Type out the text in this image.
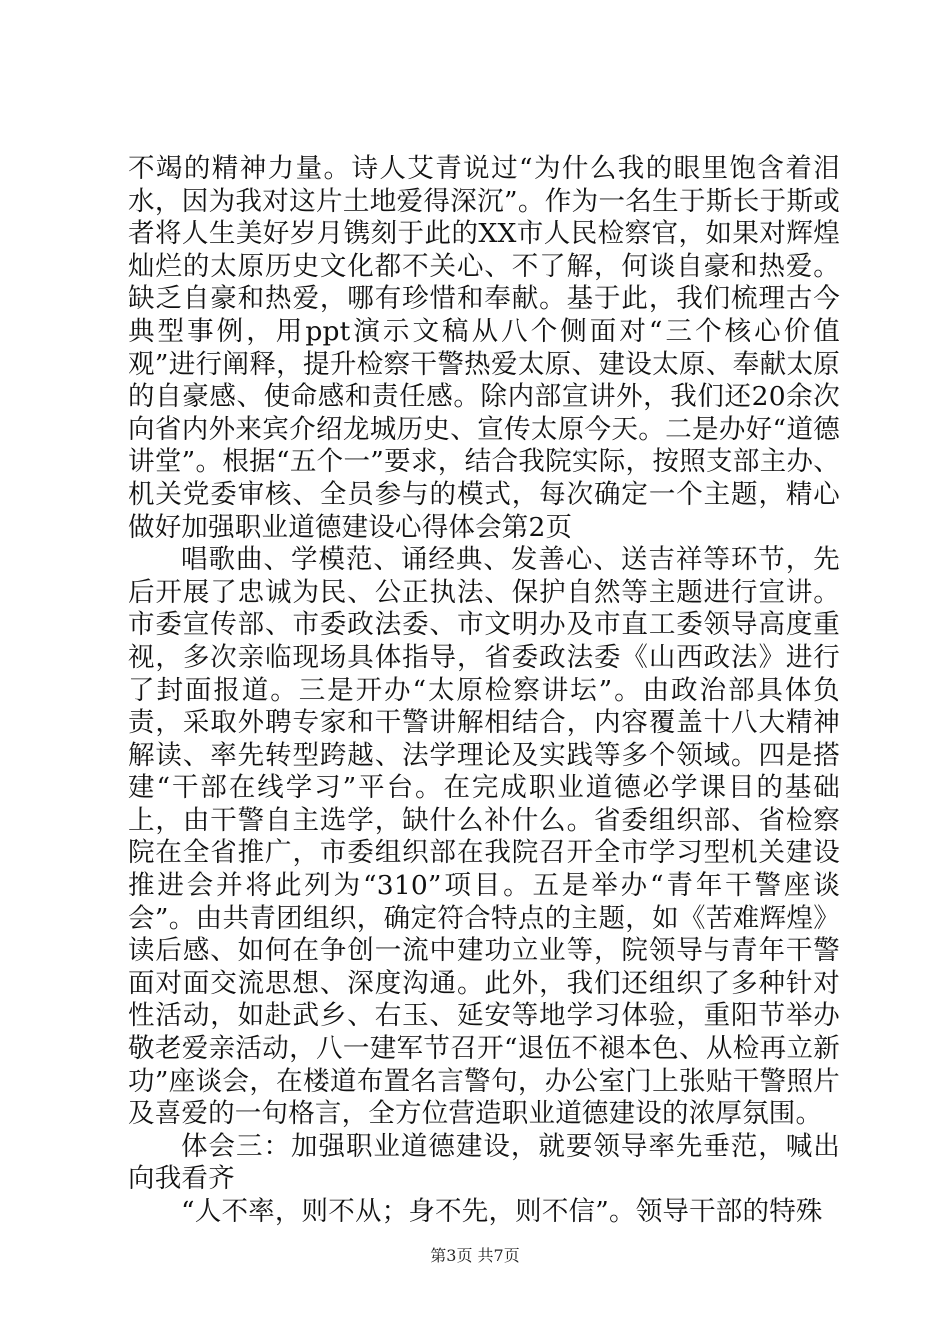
不竭的精神力量。诗人艾青说过“为什么我的眼里饱含着泪水，因为我对这片土地爱得深沉”。作为一名生于斯长于斯或者将人生美好岁月镌刻于此的XX市人民检察官，如果对辉煌灿烂的太原历史文化都不关心、不了解，何谈自豪和热爱。缺乏自豪和热爱，哪有珍惜和奉献。基于此，我们梳理古今典型事例，用ppt演示文稿从八个侧面对“三个核心价值观”进行阐释，提升检察干警热爱太原、建设太原、奉献太原的自豪感、使命感和责任感。除内部宣讲外，我们还20余次向省内外来宾介绍龙城历史、宣传太原今天。二是办好“道德讲堂”。根据“五个一”要求，结合我院实际，按照支部主办、机关党委审核、全员参与的模式，每次确定一个主题，精心做好加强职业道德建设心得体会第2页

唱歌曲、学模范、诵经典、发善心、送吉祥等环节，先后开展了忠诚为民、公正执法、保护自然等主题进行宣讲。市委宣传部、市委政法委、市文明办及市直工委领导高度重视，多次亲临现场具体指导，省委政法委《山西政法》进行了封面报道。三是开办“太原检察讲坛”。由政治部具体负责，采取外聘专家和干警讲解相结合，内容覆盖十八大精神解读、率先转型跨越、法学理论及实践等多个领域。四是搭建“干部在线学习”平台。在完成职业道德必学课目的基础上，由干警自主选学，缺什么补什么。省委组织部、省检察院在全省推广，市委组织部在我院召开全市学习型机关建设推进会并将此列为“310”项目。五是举办“青年干警座谈会”。由共青团组织，确定符合特点的主题，如《苦难辉煌》读后感、如何在争创一流中建功立业等，院领导与青年干警面对面交流思想、深度沟通。此外，我们还组织了多种针对性活动，如赴武乡、右玉、延安等地学习体验，重阳节举办敬老爱亲活动，八一建军节召开“退伍不褪本色、从检再立新功”座谈会，在楼道布置名言警句，办公室门上张贴干警照片及喜爱的一句格言，全方位营造职业道德建设的浓厚氛围。

体会三：加强职业道德建设，就要领导率先垂范，喊出向我看齐

“人不率，则不从；身不先，则不信”。领导干部的特殊

第3页 共7页
